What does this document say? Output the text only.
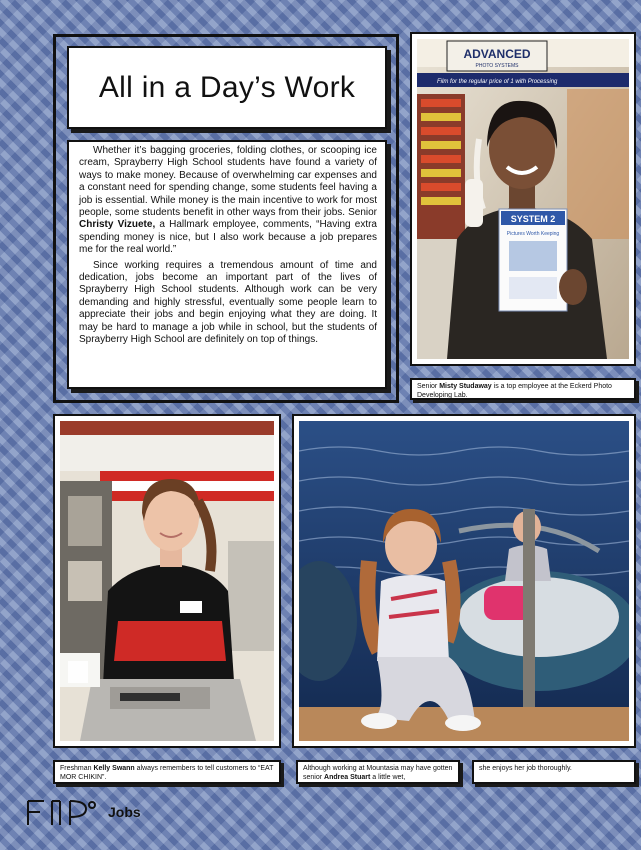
All in a Day’s Work

Whether it’s bagging groceries, folding clothes, or scooping ice cream, Sprayberry High School students have found a variety of ways to make money. Because of overwhelming car expenses and a constant need for spending change, some students feel having a job is essential. While money is the main incentive to work for most people, some students benefit in other ways from their jobs. Senior Christy Vizuete, a Hallmark employee, comments, “Having extra spending money is nice, but I also work because a job prepares me for the real world.”

Since working requires a tremendous amount of time and dedication, jobs become an important part of the lives of Sprayberry High School students. Although work can be very demanding and highly stressful, eventually some people learn to appreciate their jobs and begin enjoying what they are doing. It may be hard to manage a job while in school, but the students of Sprayberry High School are definitely on top of things.

ADVANCED
PHOTO SYSTEMS
Film for the regular price of 1 with Processing
SYSTEM 2
Pictures Worth Keeping
Senior Misty Studaway is a top employee at the Eckerd Photo Developing Lab.
Freshman Kelly Swann always remembers to tell customers to “EAT MOR CHIKIN”.
Although working at Mountasia may have gotten senior Andrea Stuart a little wet,
she enjoys her job thoroughly.
Jobs
